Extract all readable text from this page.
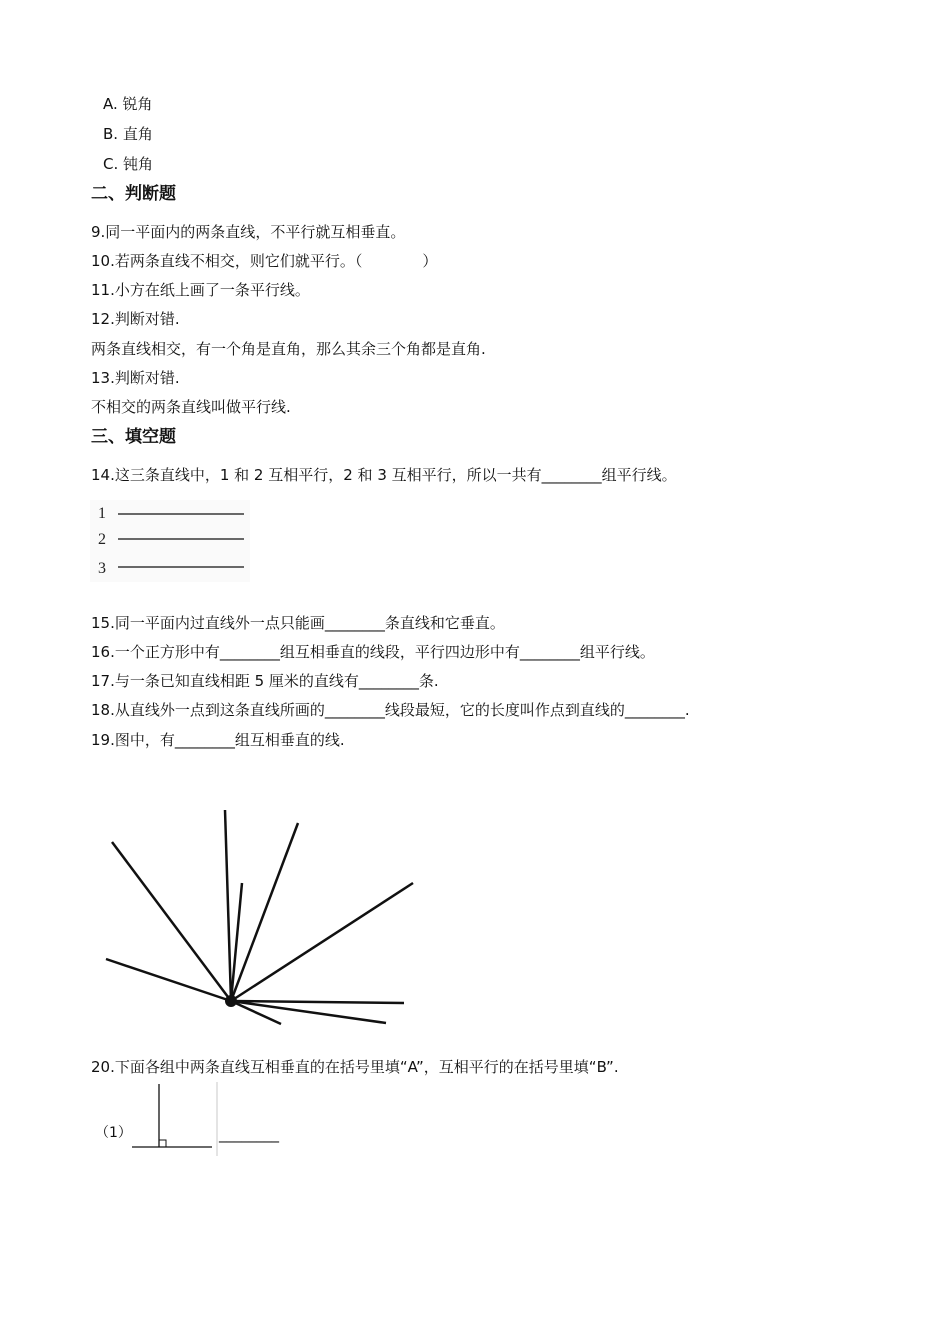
A. 锐角
B. 直角
C. 钝角
二、判断题
9.同一平面内的两条直线，不平行就互相垂直。
10.若两条直线不相交，则它们就平行。（　　　　）
11.小方在纸上画了一条平行线。
12.判断对错.
两条直线相交，有一个角是直角，那么其余三个角都是直角.
13.判断对错.
不相交的两条直线叫做平行线.
三、填空题
14.这三条直线中，1 和 2 互相平行，2 和 3 互相平行，所以一共有________组平行线。
1
2
3
15.同一平面内过直线外一点只能画________条直线和它垂直。
16.一个正方形中有________组互相垂直的线段，平行四边形中有________组平行线。
17.与一条已知直线相距 5 厘米的直线有________条.
18.从直线外一点到这条直线所画的________线段最短，它的长度叫作点到直线的________.
19.图中，有________组互相垂直的线.
20.下面各组中两条直线互相垂直的在括号里填“A”，互相平行的在括号里填“B”.
（1）	________
